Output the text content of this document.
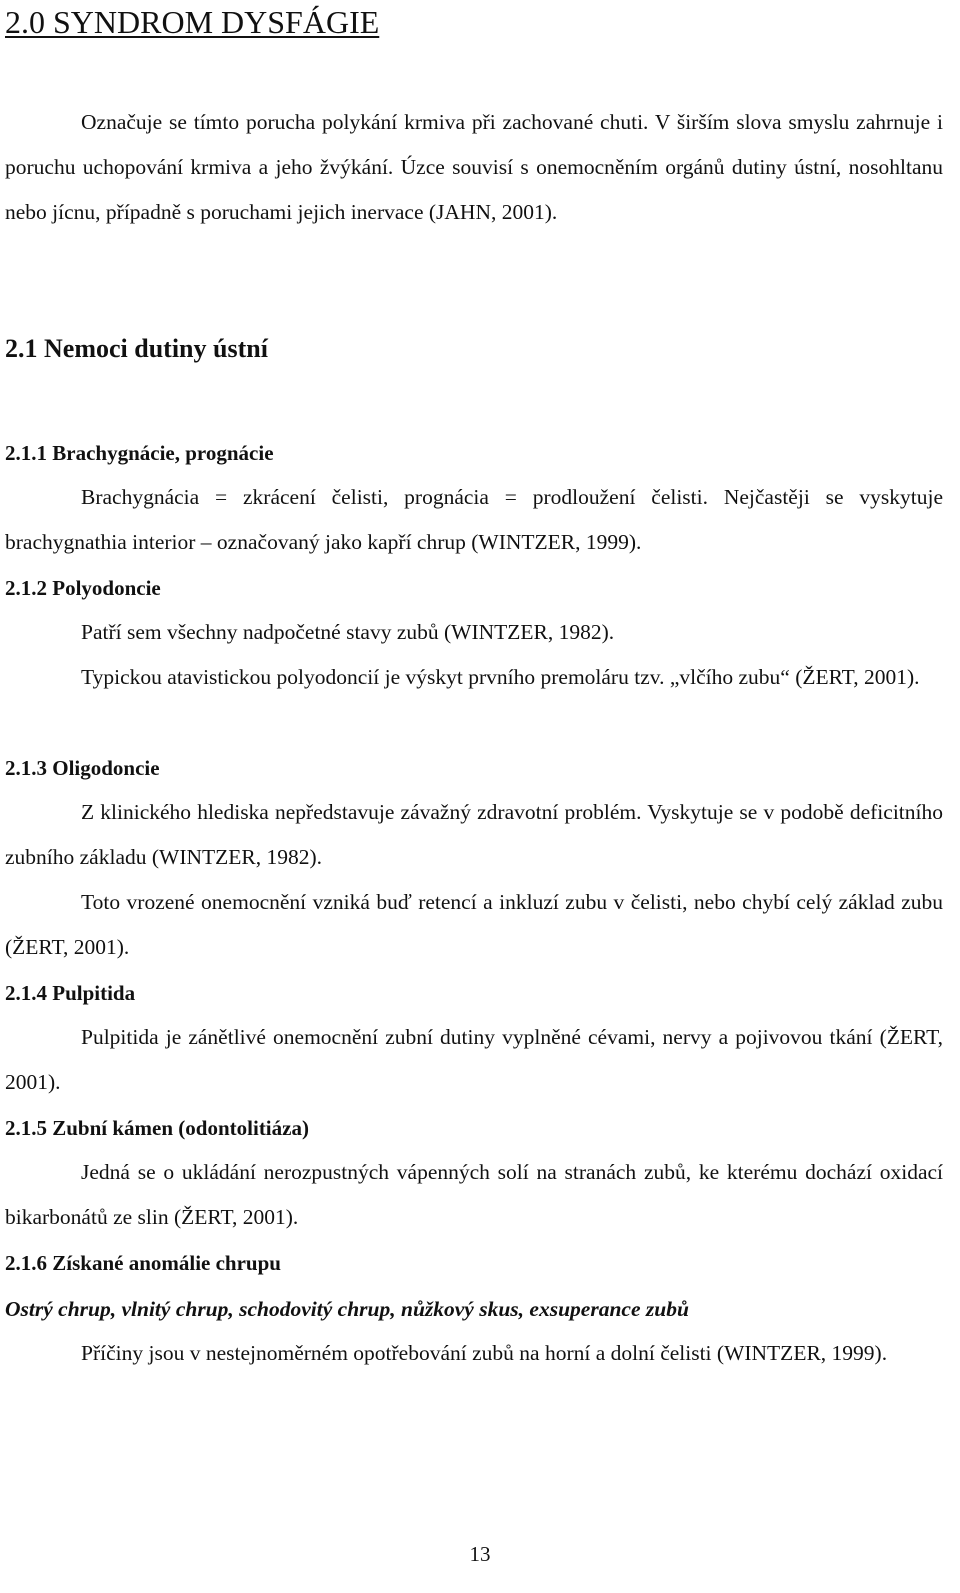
2.0 SYNDROM DYSFÁGIE

Označuje se tímto porucha polykání krmiva při zachované chuti. V širším slova smyslu zahrnuje i poruchu uchopování krmiva a jeho žvýkání. Úzce souvisí s onemocněním orgánů dutiny ústní, nosohltanu nebo jícnu, případně s poruchami jejich inervace (JAHN, 2001).

2.1 Nemoci dutiny ústní
2.1.1 Brachygnácie, prognácie

Brachygnácia = zkrácení čelisti, prognácia = prodloužení čelisti. Nejčastěji se vyskytuje brachygnathia interior – označovaný jako kapří chrup (WINTZER, 1999).

2.1.2 Polyodoncie

Patří sem všechny nadpočetné stavy zubů (WINTZER, 1982).

Typickou atavistickou polyodoncií je výskyt prvního premoláru tzv. „vlčího zubu“ (ŽERT, 2001).

2.1.3 Oligodoncie

Z klinického hlediska nepředstavuje závažný zdravotní problém. Vyskytuje se v podobě deficitního zubního základu (WINTZER, 1982).

Toto vrozené onemocnění vzniká buď retencí a inkluzí zubu v čelisti, nebo chybí celý základ zubu (ŽERT, 2001).

2.1.4 Pulpitida

Pulpitida je zánětlivé onemocnění zubní dutiny vyplněné cévami, nervy a pojivovou tkání (ŽERT, 2001).

2.1.5 Zubní kámen (odontolitiáza)

Jedná se o ukládání nerozpustných vápenných solí na stranách zubů, ke kterému dochází oxidací bikarbonátů ze slin (ŽERT, 2001).

2.1.6 Získané anomálie chrupu

Ostrý chrup, vlnitý chrup, schodovitý chrup, nůžkový skus, exsuperance zubů

Příčiny jsou v nestejnoměrném opotřebování zubů na horní a dolní čelisti (WINTZER, 1999).

13
